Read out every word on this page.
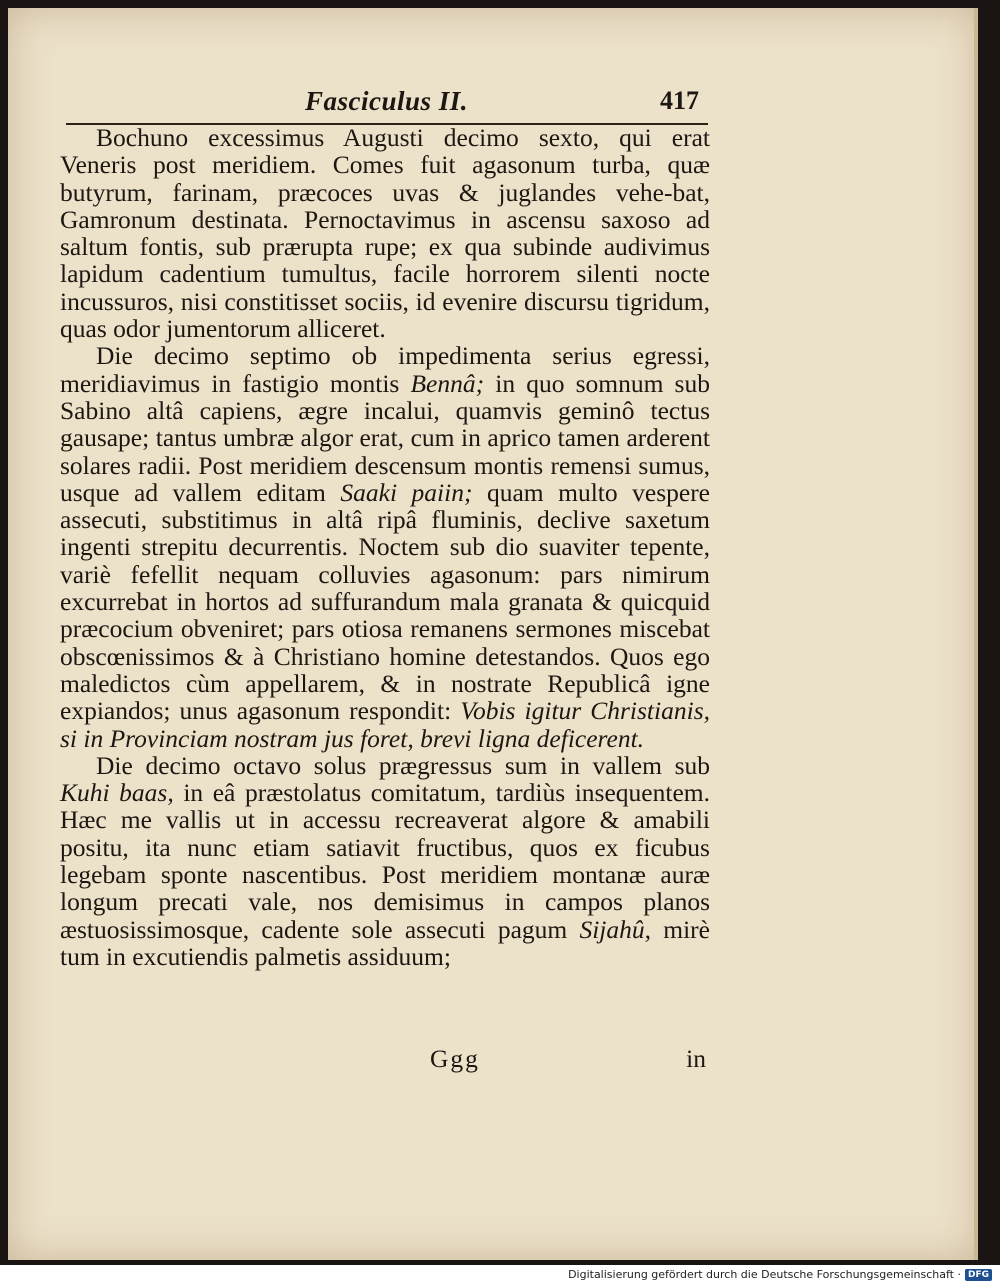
Fasciculus II.	417

Bochuno excessimus Augusti decimo sexto, qui erat Veneris post meridiem. Comes fuit agasonum turba, quæ butyrum, farinam, præcoces uvas & juglandes vehe-bat, Gamronum destinata. Pernoctavimus in ascensu saxoso ad saltum fontis, sub prærupta rupe; ex qua subinde audivimus lapidum cadentium tumultus, facile horrorem silenti nocte incussuros, nisi constitisset sociis, id evenire discursu tigridum, quas odor jumentorum alliceret.

Die decimo septimo ob impedimenta serius egressi, meridiavimus in fastigio montis Bennâ; in quo somnum sub Sabino altâ capiens, ægre incalui, quamvis geminô tectus gausape; tantus umbræ algor erat, cum in aprico tamen arderent solares radii. Post meridiem descensum montis remensi sumus, usque ad vallem editam Saaki paiin; quam multo vespere assecuti, substitimus in altâ ripâ fluminis, declive saxetum ingenti strepitu decurrentis. Noctem sub dio suaviter tepente, variè fefellit nequam colluvies agasonum: pars nimirum excurrebat in hortos ad suffurandum mala granata & quicquid præcocium obveniret; pars otiosa remanens sermones miscebat obscœnissimos & à Christiano homine detestandos. Quos ego maledictos cùm appellarem, & in nostrate Republicâ igne expiandos; unus agasonum respondit: Vobis igitur Christianis, si in Provinciam nostram jus foret, brevi ligna deficerent.

Die decimo octavo solus prægressus sum in vallem sub Kuhi baas, in eâ præstolatus comitatum, tardiùs insequentem. Hæc me vallis ut in accessu recreaverat algore & amabili positu, ita nunc etiam satiavit fructibus, quos ex ficubus legebam sponte nascentibus. Post meridiem montanæ auræ longum precati vale, nos demisimus in campos planos æstuosissimosque, cadente sole assecuti pagum Sijahû, mirè tum in excutiendis palmetis assiduum;

Ggg	in
Digitalisierung gefördert durch die Deutsche Forschungsgemeinschaft · DFG
